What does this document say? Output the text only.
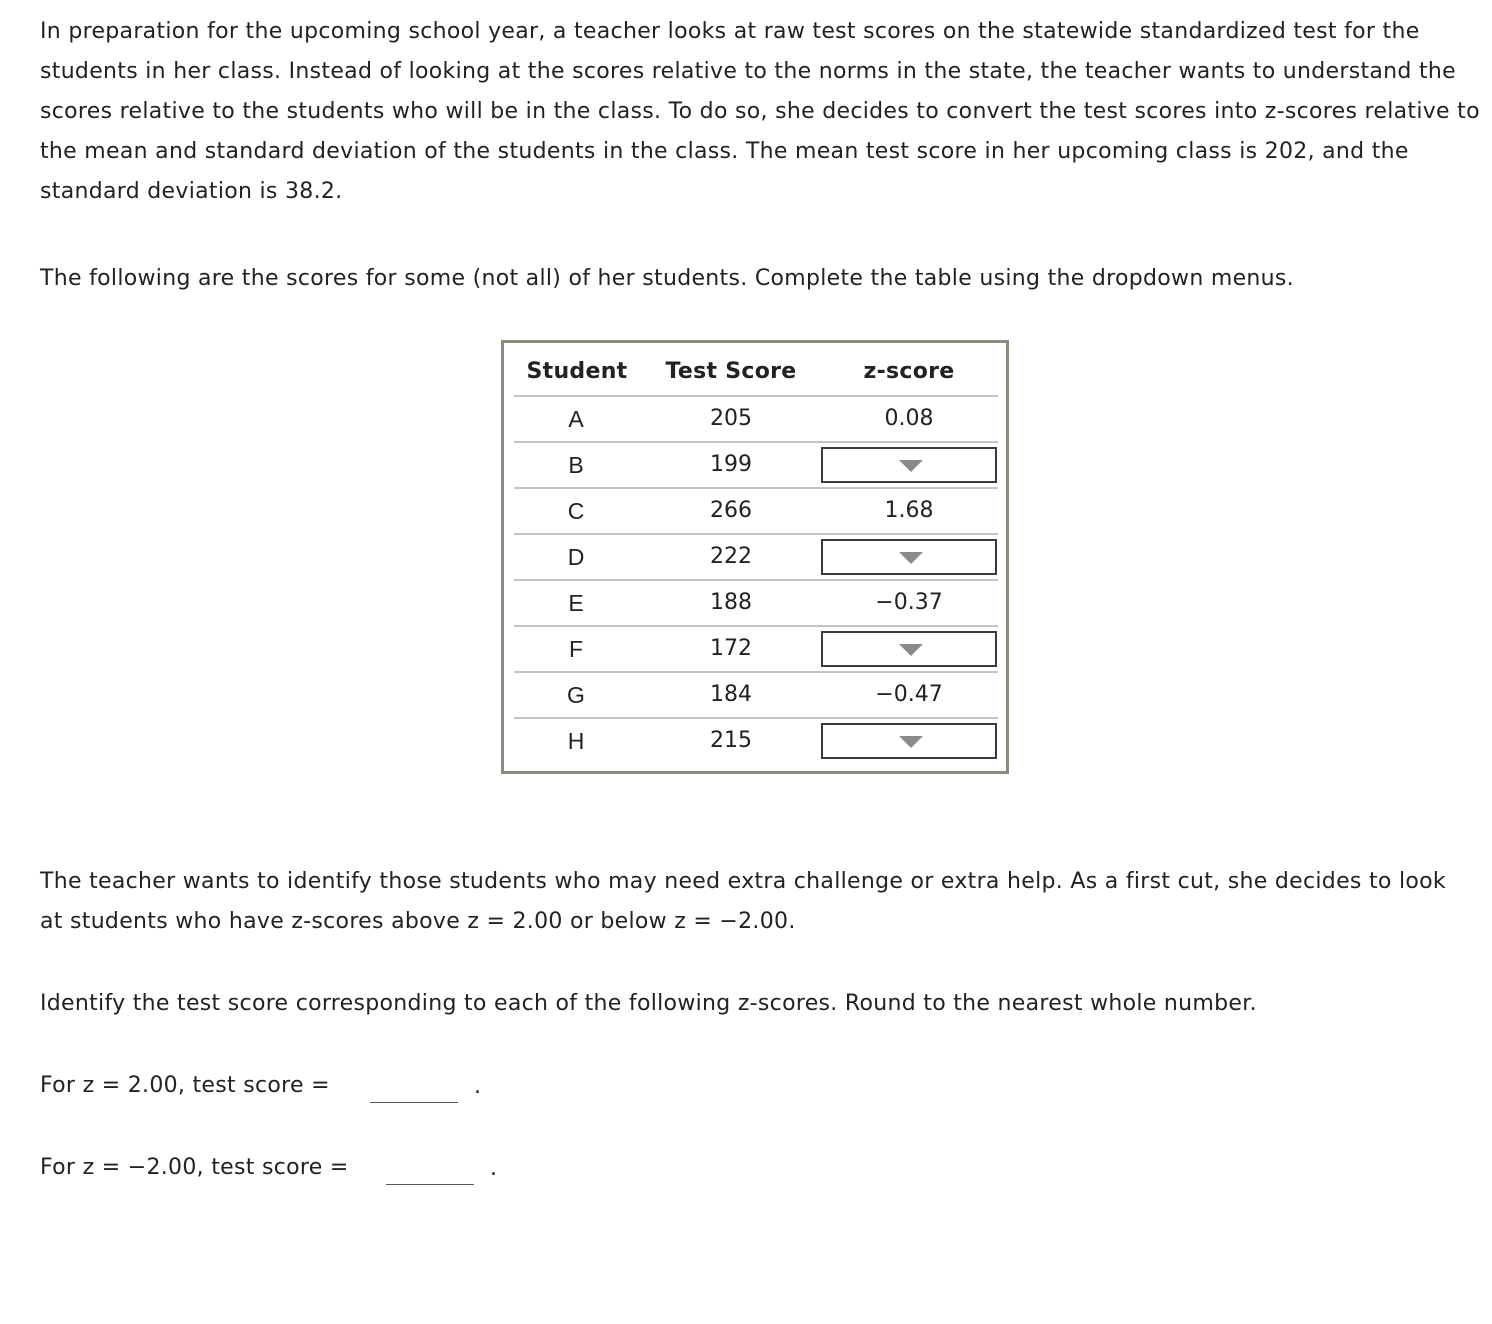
In preparation for the upcoming school year, a teacher looks at raw test scores on the statewide standardized test for the students in her class. Instead of looking at the scores relative to the norms in the state, the teacher wants to understand the scores relative to the students who will be in the class. To do so, she decides to convert the test scores into z-scores relative to the mean and standard deviation of the students in the class. The mean test score in her upcoming class is 202, and the standard deviation is 38.2.

The following are the scores for some (not all) of her students. Complete the table using the dropdown menus.

Student	Test Score	z-score
A	205	0.08
B	199
C	266	1.68
D	222
E	188	−0.37
F	172
G	184	−0.47
H	215

The teacher wants to identify those students who may need extra challenge or extra help. As a first cut, she decides to look at students who have z-scores above z = 2.00 or below z = −2.00.

Identify the test score corresponding to each of the following z-scores. Round to the nearest whole number.

For z = 2.00, test score =	.
For z = −2.00, test score =	.
